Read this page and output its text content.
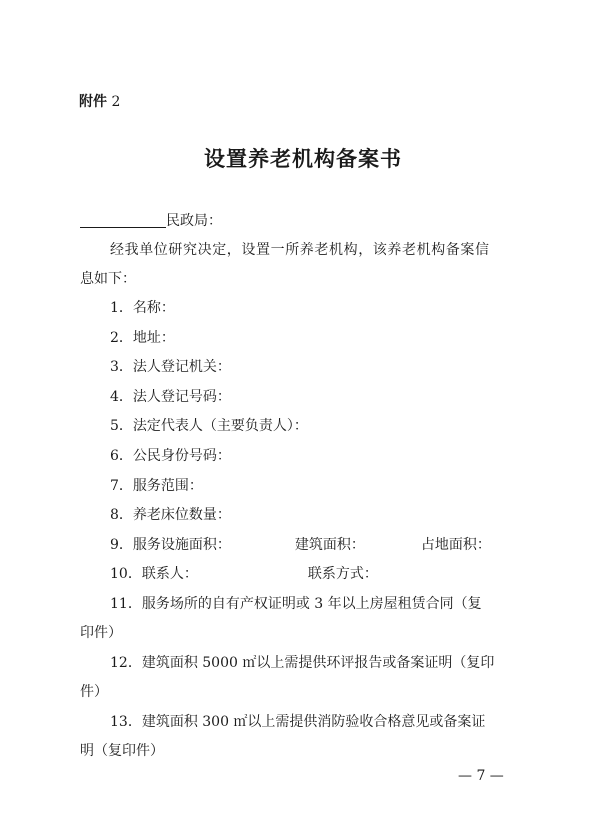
附件 2
设置养老机构备案书
民政局：
经我单位研究决定，设置一所养老机构，该养老机构备案信
息如下：
1．名称：
2．地址：
3．法人登记机关：
4．法人登记号码：
5．法定代表人（主要负责人）：
6．公民身份号码：
7．服务范围：
8．养老床位数量：
9．服务设施面积：	建筑面积：	占地面积：
10．联系人：	联系方式：
11．服务场所的自有产权证明或 3 年以上房屋租赁合同（复
印件）
12．建筑面积 5000 ㎡以上需提供环评报告或备案证明（复印
件）
13．建筑面积 300 ㎡以上需提供消防验收合格意见或备案证
明（复印件）
— 7 —
